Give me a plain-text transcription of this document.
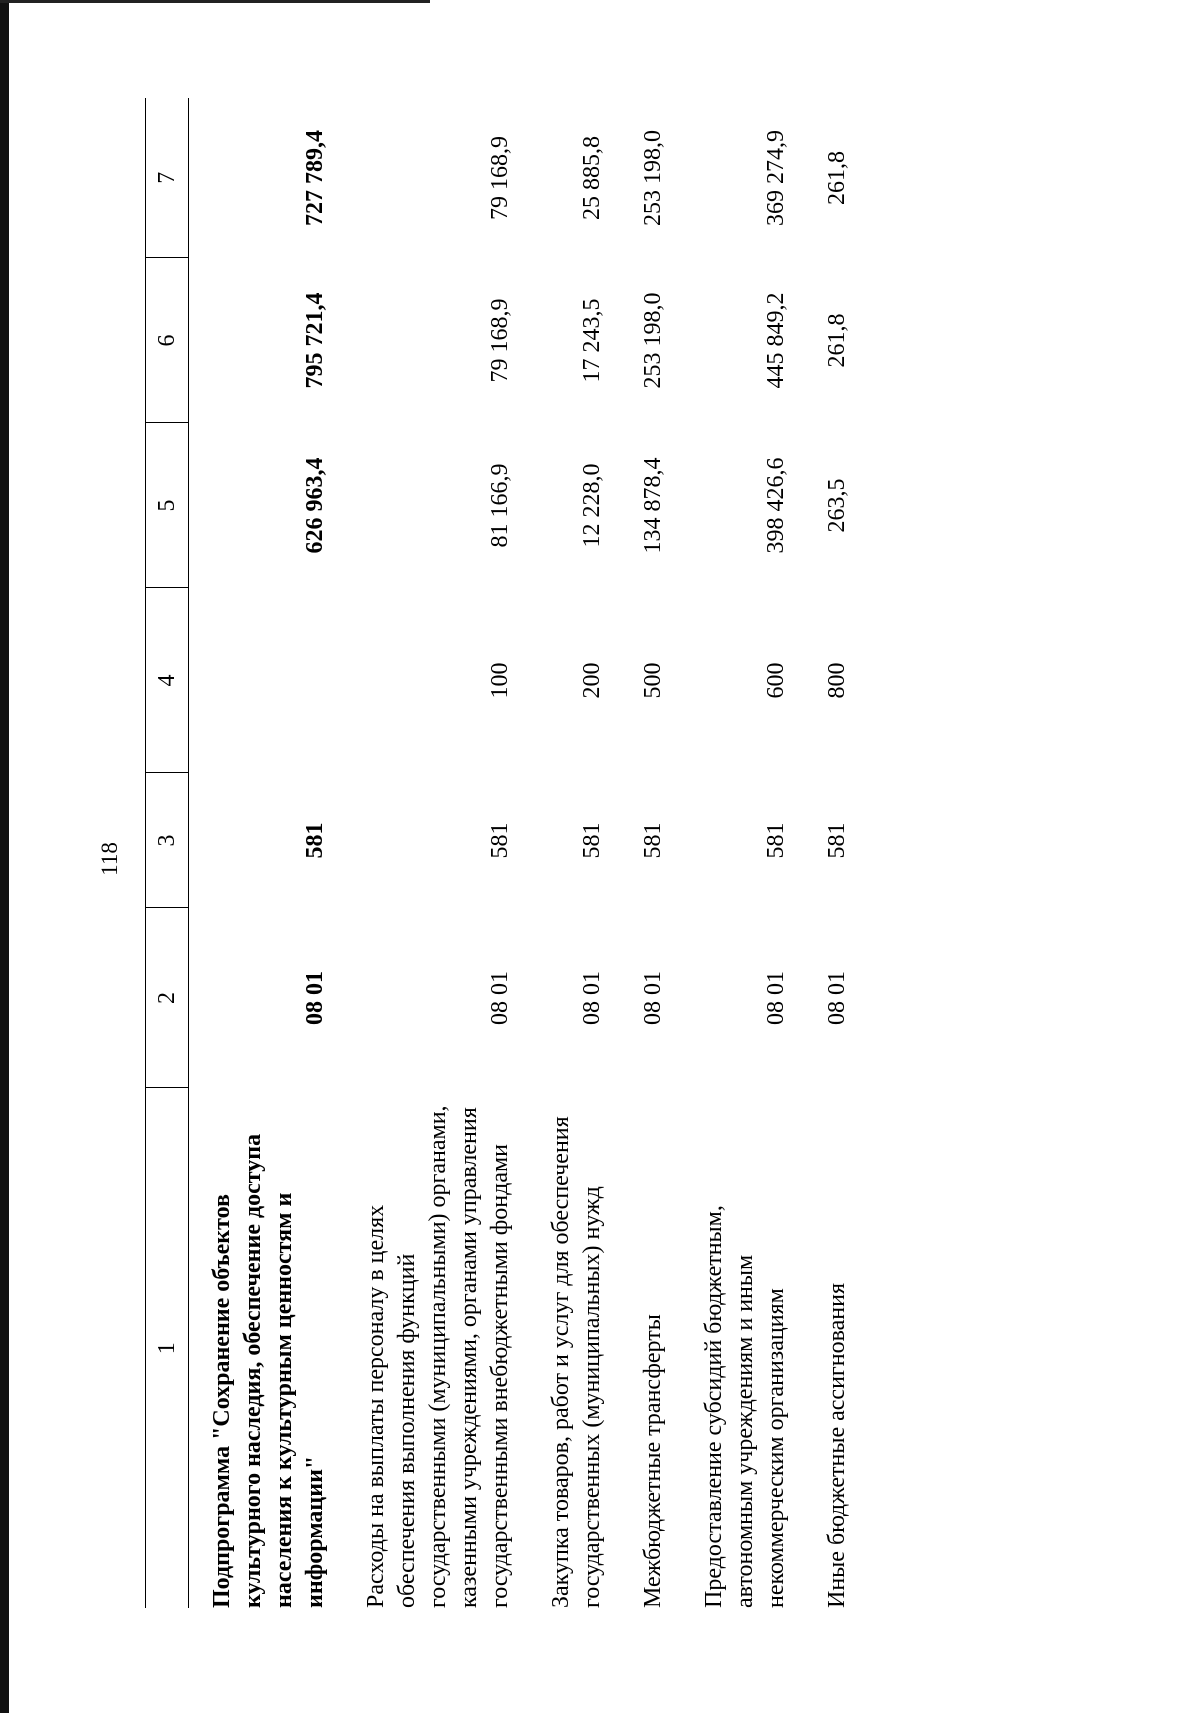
118
1	2	3	4	5	6	7
Подпрограмма "Сохранение объектов культурного наследия, обеспечение доступа населения к культурным ценностям и информации"	08 01	581		626 963,4	795 721,4	727 789,4
Расходы на выплаты персоналу в целях обеспечения выполнения функций государственными (муниципальными) органами, казенными учреждениями, органами управления государственными внебюджетными фондами	08 01	581	100	81 166,9	79 168,9	79 168,9
Закупка товаров, работ и услуг для обеспечения государственных (муниципальных) нужд	08 01	581	200	12 228,0	17 243,5	25 885,8
Межбюджетные трансферты	08 01	581	500	134 878,4	253 198,0	253 198,0
Предоставление субсидий бюджетным, автономным учреждениям и иным некоммерческим организациям	08 01	581	600	398 426,6	445 849,2	369 274,9
Иные бюджетные ассигнования	08 01	581	800	263,5	261,8	261,8
